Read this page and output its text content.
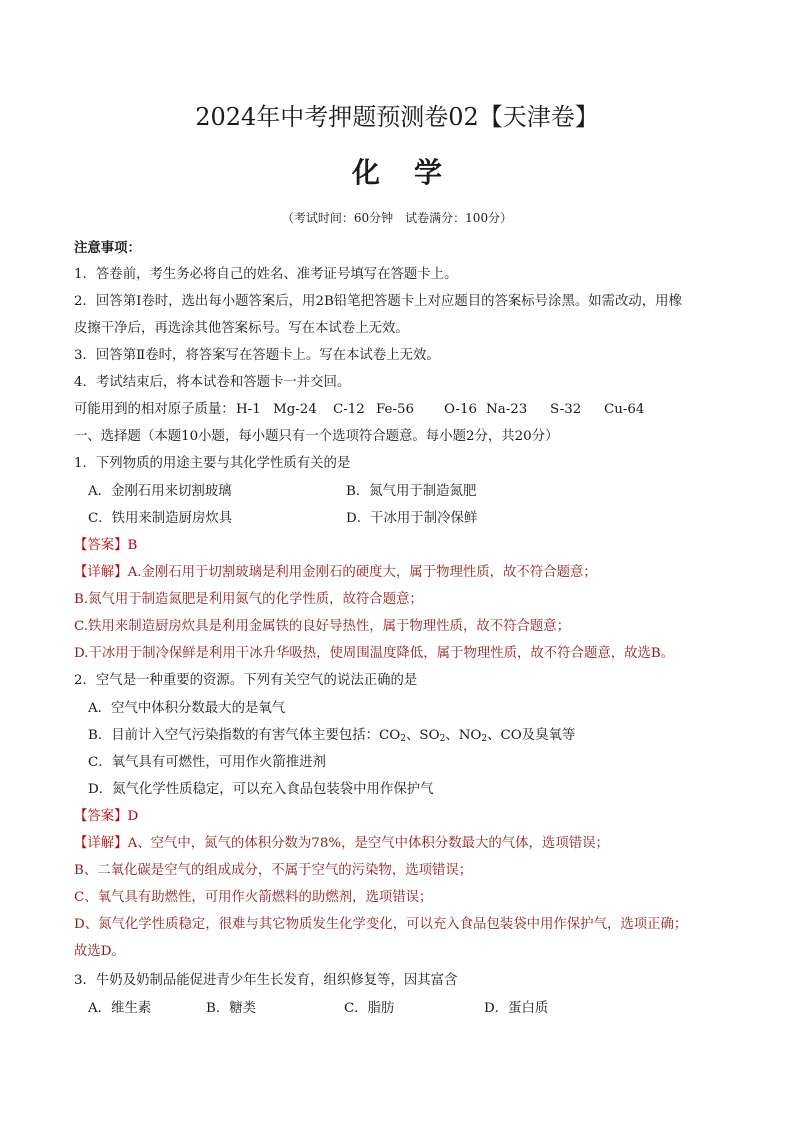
2024年中考押题预测卷02【天津卷】
化学
（考试时间：60分钟　试卷满分：100分）
注意事项：
1．答卷前，考生务必将自己的姓名、准考证号填写在答题卡上。
2．回答第Ⅰ卷时，选出每小题答案后，用2B铅笔把答题卡上对应题目的答案标号涂黑。如需改动，用橡
皮擦干净后，再选涂其他答案标号。写在本试卷上无效。
3．回答第Ⅱ卷时，将答案写在答题卡上。写在本试卷上无效。
4．考试结束后，将本试卷和答题卡一并交回。
可能用到的相对原子质量： H-1 Mg-24 C-12 Fe-56 O-16 Na-23 S-32 Cu-64
一、选择题（本题10小题，每小题只有一个选项符合题意。每小题2分，共20分）
1．下列物质的用途主要与其化学性质有关的是
A．金刚石用来切割玻璃	B．氮气用于制造氮肥
C．铁用来制造厨房炊具	D．干冰用于制冷保鲜
【答案】B
【详解】A.金刚石用于切割玻璃是利用金刚石的硬度大，属于物理性质，故不符合题意；
B.氮气用于制造氮肥是利用氮气的化学性质，故符合题意；
C.铁用来制造厨房炊具是利用金属铁的良好导热性，属于物理性质，故不符合题意；
D.干冰用于制冷保鲜是利用干冰升华吸热，使周围温度降低，属于物理性质，故不符合题意，故选B。
2．空气是一种重要的资源。下列有关空气的说法正确的是
A．空气中体积分数最大的是氧气
B．目前计入空气污染指数的有害气体主要包括：$CO_2$、$SO_2$、$NO_2$、CO及臭氧等
C．氧气具有可燃性，可用作火箭推进剂
D．氮气化学性质稳定，可以充入食品包装袋中用作保护气
【答案】D
【详解】A、空气中，氮气的体积分数为78%，是空气中体积分数最大的气体，选项错误；
B、二氧化碳是空气的组成成分，不属于空气的污染物，选项错误；
C、氧气具有助燃性，可用作火箭燃料的助燃剂，选项错误；
D、氮气化学性质稳定，很难与其它物质发生化学变化，可以充入食品包装袋中用作保护气，选项正确；
故选D。
3．牛奶及奶制品能促进青少年生长发育，组织修复等，因其富含
A．维生素	B．糖类	C．脂肪	D．蛋白质
